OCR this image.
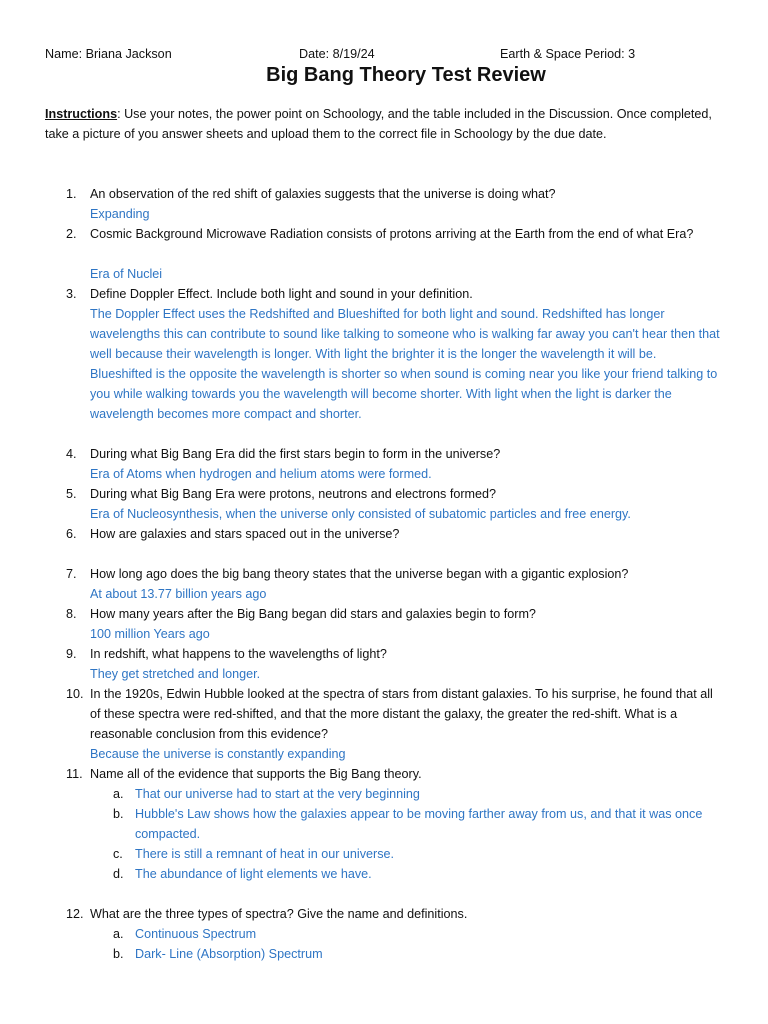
Name: Briana Jackson	Date: 8/19/24	Earth & Space Period: 3
Big Bang Theory Test Review
Instructions: Use your notes, the power point on Schoology, and the table included in the Discussion. Once completed, take a picture of you answer sheets and upload them to the correct file in Schoology by the due date.
1. An observation of the red shift of galaxies suggests that the universe is doing what?
Expanding
2. Cosmic Background Microwave Radiation consists of protons arriving at the Earth from the end of what Era?
Era of Nuclei
3. Define Doppler Effect. Include both light and sound in your definition.
The Doppler Effect uses the Redshifted and Blueshifted for both light and sound. Redshifted has longer wavelengths this can contribute to sound like talking to someone who is walking far away you can't hear then that well because their wavelength is longer. With light the brighter it is the longer the wavelength it will be. Blueshifted is the opposite the wavelength is shorter so when sound is coming near you like your friend talking to you while walking towards you the wavelength will become shorter. With light when the light is darker the wavelength becomes more compact and shorter.
4. During what Big Bang Era did the first stars begin to form in the universe?
Era of Atoms when hydrogen and helium atoms were formed.
5. During what Big Bang Era were protons, neutrons and electrons formed?
Era of Nucleosynthesis, when the universe only consisted of subatomic particles and free energy.
6. How are galaxies and stars spaced out in the universe?
7. How long ago does the big bang theory states that the universe began with a gigantic explosion?
At about 13.77 billion years ago
8. How many years after the Big Bang began did stars and galaxies begin to form?
100 million Years ago
9. In redshift, what happens to the wavelengths of light?
They get stretched and longer.
10. In the 1920s, Edwin Hubble looked at the spectra of stars from distant galaxies. To his surprise, he found that all of these spectra were red-shifted, and that the more distant the galaxy, the greater the red-shift. What is a reasonable conclusion from this evidence?
Because the universe is constantly expanding
11. Name all of the evidence that supports the Big Bang theory.
a. That our universe had to start at the very beginning
b. Hubble's Law shows how the galaxies appear to be moving farther away from us, and that it was once compacted.
c. There is still a remnant of heat in our universe.
d. The abundance of light elements we have.
12. What are the three types of spectra? Give the name and definitions.
a. Continuous Spectrum
b. Dark- Line (Absorption) Spectrum
